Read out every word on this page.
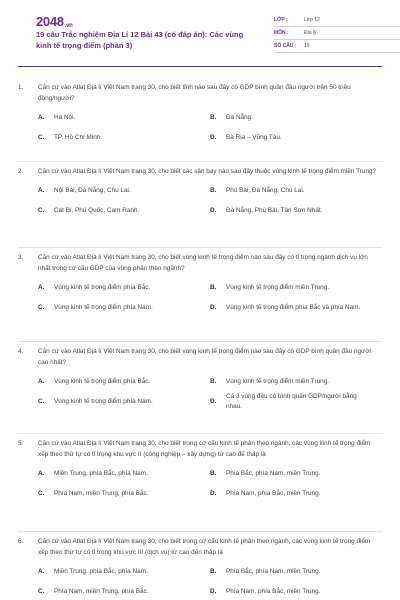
2048.vn
19 câu Trắc nghiệm Địa Lí 12 Bài 43 (có đáp án): Các vùng kinh tế trọng điểm (phần 3)
LỚP :	Lớp 12
MÔN :	Địa lý
SỐ CÂU :	19
1.	Căn cứ vào Atlat Địa lí Việt Nam trang 30, cho biết tỉnh nào sau đây có GDP bình quân đầu người trên 50 triệu đồng/người?
A.	Hà Nội.	B.	Đà Nẵng.
C.	TP. Hồ Chí Minh.	D.	Bà Rịa – Vũng Tàu.
2.	Căn cứ vào Atlat Địa lí Việt Nam trang 30, cho biết các sân bay nào sau đây thuộc vùng kinh tế trọng điểm miền Trung?
A.	Nội Bài, Đà Nẵng, Chu Lai.	B.	Phú Bài, Đà Nẵng, Chu Lai.
C.	Cát Bi, Phú Quốc, Cam Ranh.	D.	Đà Nẵng, Phù Bài, Tân Sơn Nhất.
3.	Căn cứ vào Atlat Địa lí Việt Nam trang 30, cho biết vùng kinh tế trọng điểm nào sau đây có tỉ trọng ngành dịch vụ lớn nhất trong cơ cấu GDP của vùng phân theo ngành?
A.	Vùng kinh tế trọng điểm phía Bắc.	B.	Vùng kinh tế trọng điểm miền Trung.
C.	Vùng kinh tế trọng điểm phía Nam.	D.	Vùng kinh tế trọng điểm phía Bắc và phía Nam.
4.	Căn cứ vào Atlat Địa lí Việt Nam trang 30, cho biết vùng kinh tế trọng điểm nào sau đây có GDP bình quân đầu người cao nhất?
A.	Vùng kinh tế trọng điểm phía Bắc.	B.	Vùng kinh tế trọng điểm miền Trung.
C.	Vùng kinh tế trọng điểm phía Nam.	D.
Cả 3 vùng đều có bình quân GDP/người bằng nhau.
5.	Căn cứ vào Atlat Địa lí Việt Nam trang 30, cho biết trong cơ cấu kinh tế phân theo ngành, các vùng kinh tế trọng điểm xếp theo thứ tự có tỉ trọng khu vực II (công nghiệp – xây dựng) từ cao đế thấp là
A.	Miền Trung, phía Bắc, phía Nam.	B.	Phía Bắc, phía Nam, miền Trung.
C.	Phía Nam, miền Trung, phía Bắc.	D.	Phía Nam, phía Bắc, miền Trung.
6.	Căn cứ vào Atlat Địa lí Việt Nam trang 30, cho biết trong cơ cấu kinh tế phân theo ngành, các vùng kinh tế trọng điểm xếp theo thứ tự có tỉ trọng khu vực III (dịch vụ) từ cao đến thấp là
A.	Miền Trung, phía Bắc, phía Nam.	B.	Phía Bắc, phía Nam, miền Trung.
C.	Phía Nam, miền Trung, phía Bắc.	D.	Phía Nam, phía Bắc, miền Trung.
